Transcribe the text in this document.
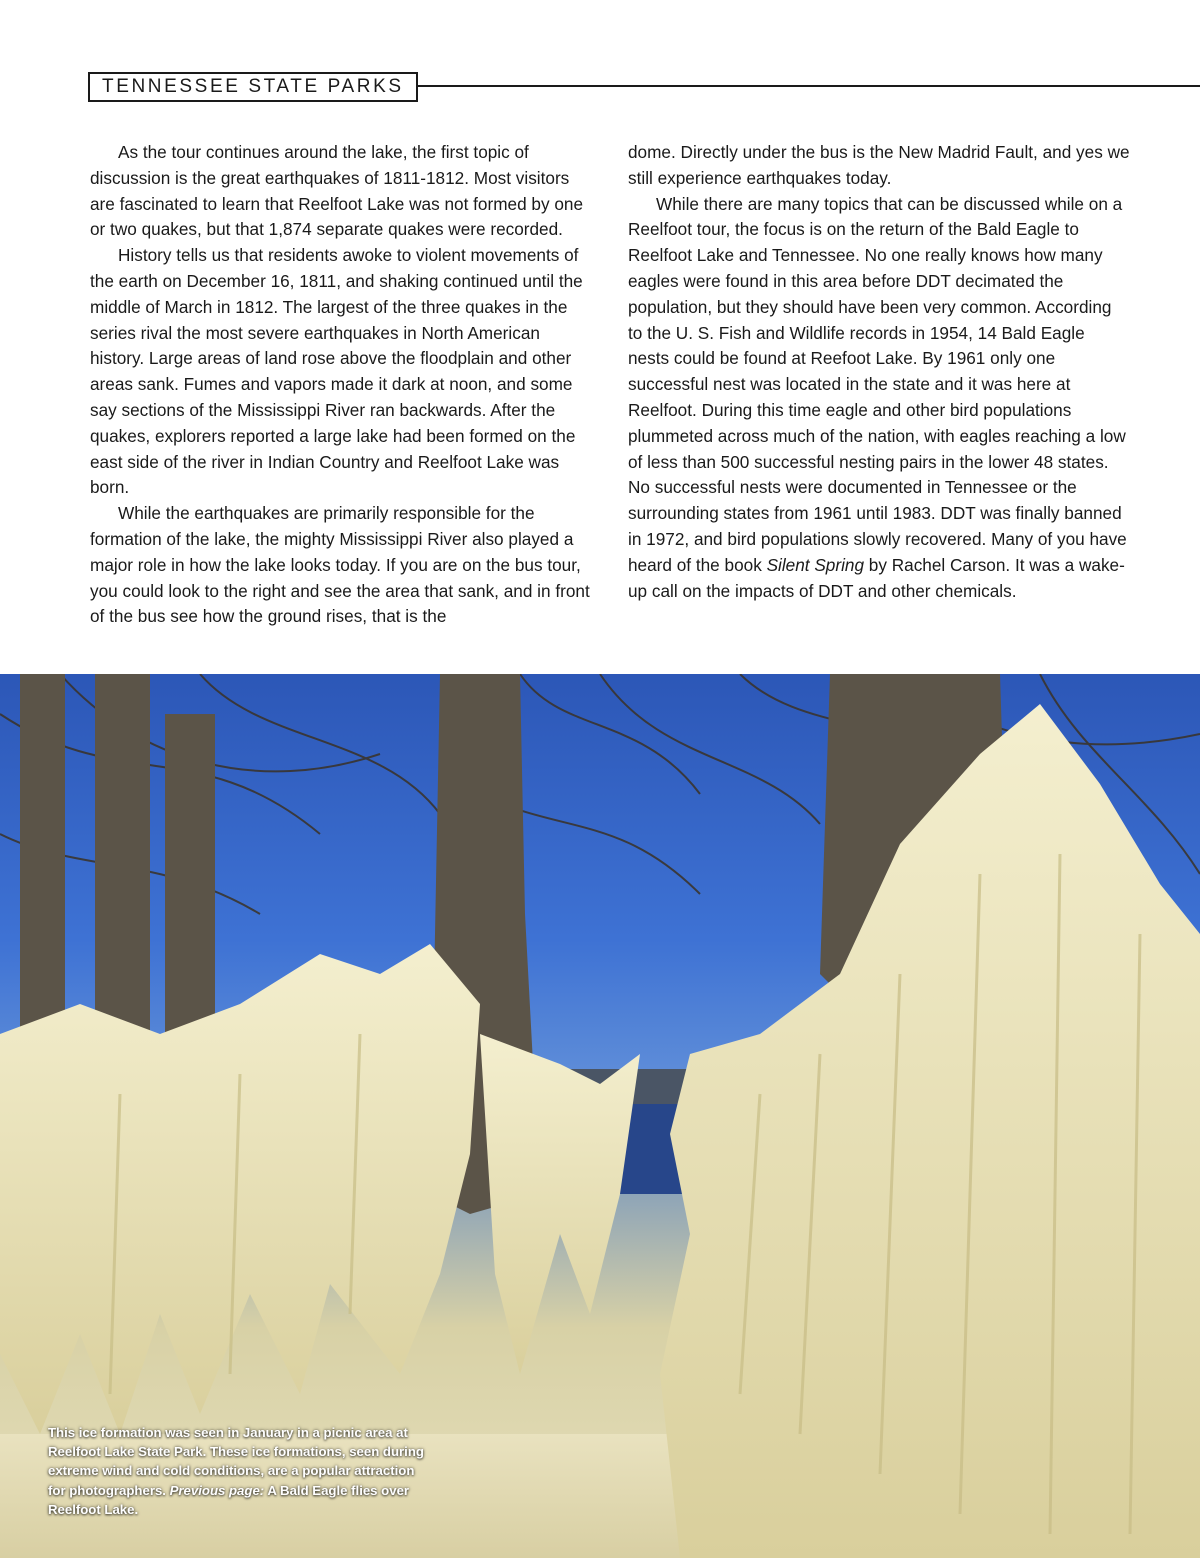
TENNESSEE STATE PARKS

As the tour continues around the lake, the first topic of discussion is the great earthquakes of 1811-1812. Most visitors are fascinated to learn that Reelfoot Lake was not formed by one or two quakes, but that 1,874 separate quakes were recorded.

History tells us that residents awoke to violent movements of the earth on December 16, 1811, and shaking continued until the middle of March in 1812. The largest of the three quakes in the series rival the most severe earthquakes in North American history. Large areas of land rose above the floodplain and other areas sank. Fumes and vapors made it dark at noon, and some say sections of the Mississippi River ran backwards. After the quakes, explorers reported a large lake had been formed on the east side of the river in Indian Country and Reelfoot Lake was born.

While the earthquakes are primarily responsible for the formation of the lake, the mighty Mississippi River also played a major role in how the lake looks today. If you are on the bus tour, you could look to the right and see the area that sank, and in front of the bus see how the ground rises, that is the

dome. Directly under the bus is the New Madrid Fault, and yes we still experience earthquakes today.

While there are many topics that can be discussed while on a Reelfoot tour, the focus is on the return of the Bald Eagle to Reelfoot Lake and Tennessee. No one really knows how many eagles were found in this area before DDT decimated the population, but they should have been very common. According to the U. S. Fish and Wildlife records in 1954, 14 Bald Eagle nests could be found at Reefoot Lake. By 1961 only one successful nest was located in the state and it was here at Reelfoot. During this time eagle and other bird populations plummeted across much of the nation, with eagles reaching a low of less than 500 successful nesting pairs in the lower 48 states. No successful nests were documented in Tennessee or the surrounding states from 1961 until 1983. DDT was finally banned in 1972, and bird populations slowly recovered. Many of you have heard of the book Silent Spring by Rachel Carson. It was a wake- up call on the impacts of DDT and other chemicals.

This ice formation was seen in January in a picnic area at Reelfoot Lake State Park. These ice formations, seen during extreme wind and cold conditions, are a popular attraction for photographers. Previous page: A Bald Eagle flies over Reelfoot Lake.
